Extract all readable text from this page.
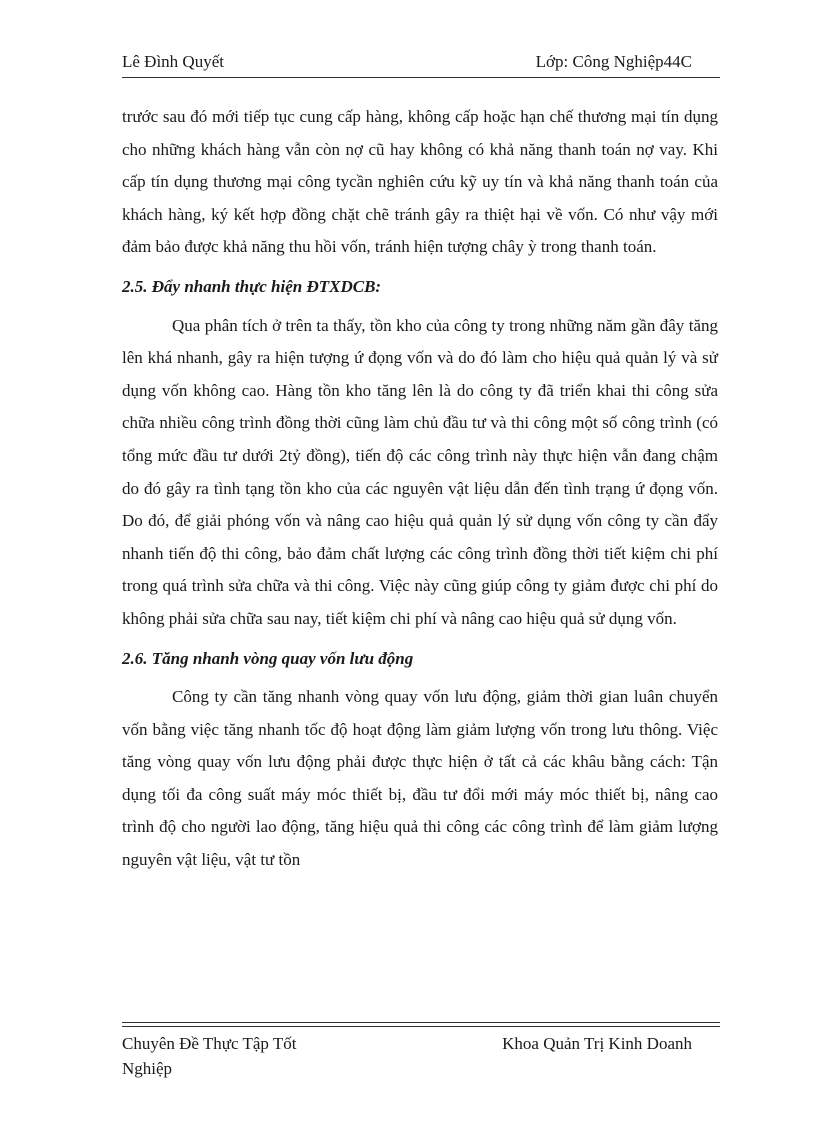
Lê Đình Quyết	Lớp: Công Nghiệp44C

trước sau đó mới tiếp tục cung cấp hàng, không cấp hoặc hạn chế thương mại tín dụng cho những khách hàng vẫn còn nợ cũ hay không có khả năng thanh toán nợ vay. Khi cấp tín dụng thương mại công tycần nghiên cứu kỹ uy tín và khả năng thanh toán của khách hàng, ký kết hợp đồng chặt chẽ tránh gây ra thiệt hại về vốn. Có như vậy mới đảm bảo được khả năng thu hồi vốn, tránh hiện tượng chây ỳ trong thanh toán.

2.5. Đẩy nhanh thực hiện ĐTXDCB:

Qua phân tích ở trên ta thấy, tồn kho của công ty trong những năm gần đây tăng lên khá nhanh, gây ra hiện tượng ứ đọng vốn và do đó làm cho hiệu quả quản lý và sử dụng vốn không cao. Hàng tồn kho tăng lên là do công ty đã triển khai thi công sửa chữa nhiều công trình đồng thời cũng làm chủ đầu tư và thi công một số công trình (có tổng mức đầu tư dưới 2tỷ đồng), tiến độ các công trình này thực hiện vẫn đang chậm do đó gây ra tình tạng tồn kho của các nguyên vật liệu dẫn đến tình trạng ứ đọng vốn. Do đó, để giải phóng vốn và nâng cao hiệu quả quản lý sử dụng vốn công ty cần đẩy nhanh tiến độ thi công, bảo đảm chất lượng các công trình đồng thời tiết kiệm chi phí trong quá trình sửa chữa và thi công. Việc này cũng giúp công ty giảm được chi phí do không phải sửa chữa sau nay, tiết kiệm chi phí và nâng cao hiệu quả sử dụng vốn.

2.6. Tăng nhanh vòng quay vốn lưu động

Công ty cần tăng nhanh vòng quay vốn lưu động, giảm thời gian luân chuyển vốn bằng việc tăng nhanh tốc độ hoạt động làm giảm lượng vốn trong lưu thông. Việc tăng vòng quay vốn lưu động phải được thực hiện ở tất cả các khâu bằng cách: Tận dụng tối đa công suất máy móc thiết bị, đầu tư đổi mới máy móc thiết bị, nâng cao trình độ cho người lao động, tăng hiệu quả thi công các công trình để làm giảm lượng nguyên vật liệu, vật tư tồn

Chuyên Đề Thực Tập Tốt Nghiệp
Khoa Quản Trị Kinh Doanh
